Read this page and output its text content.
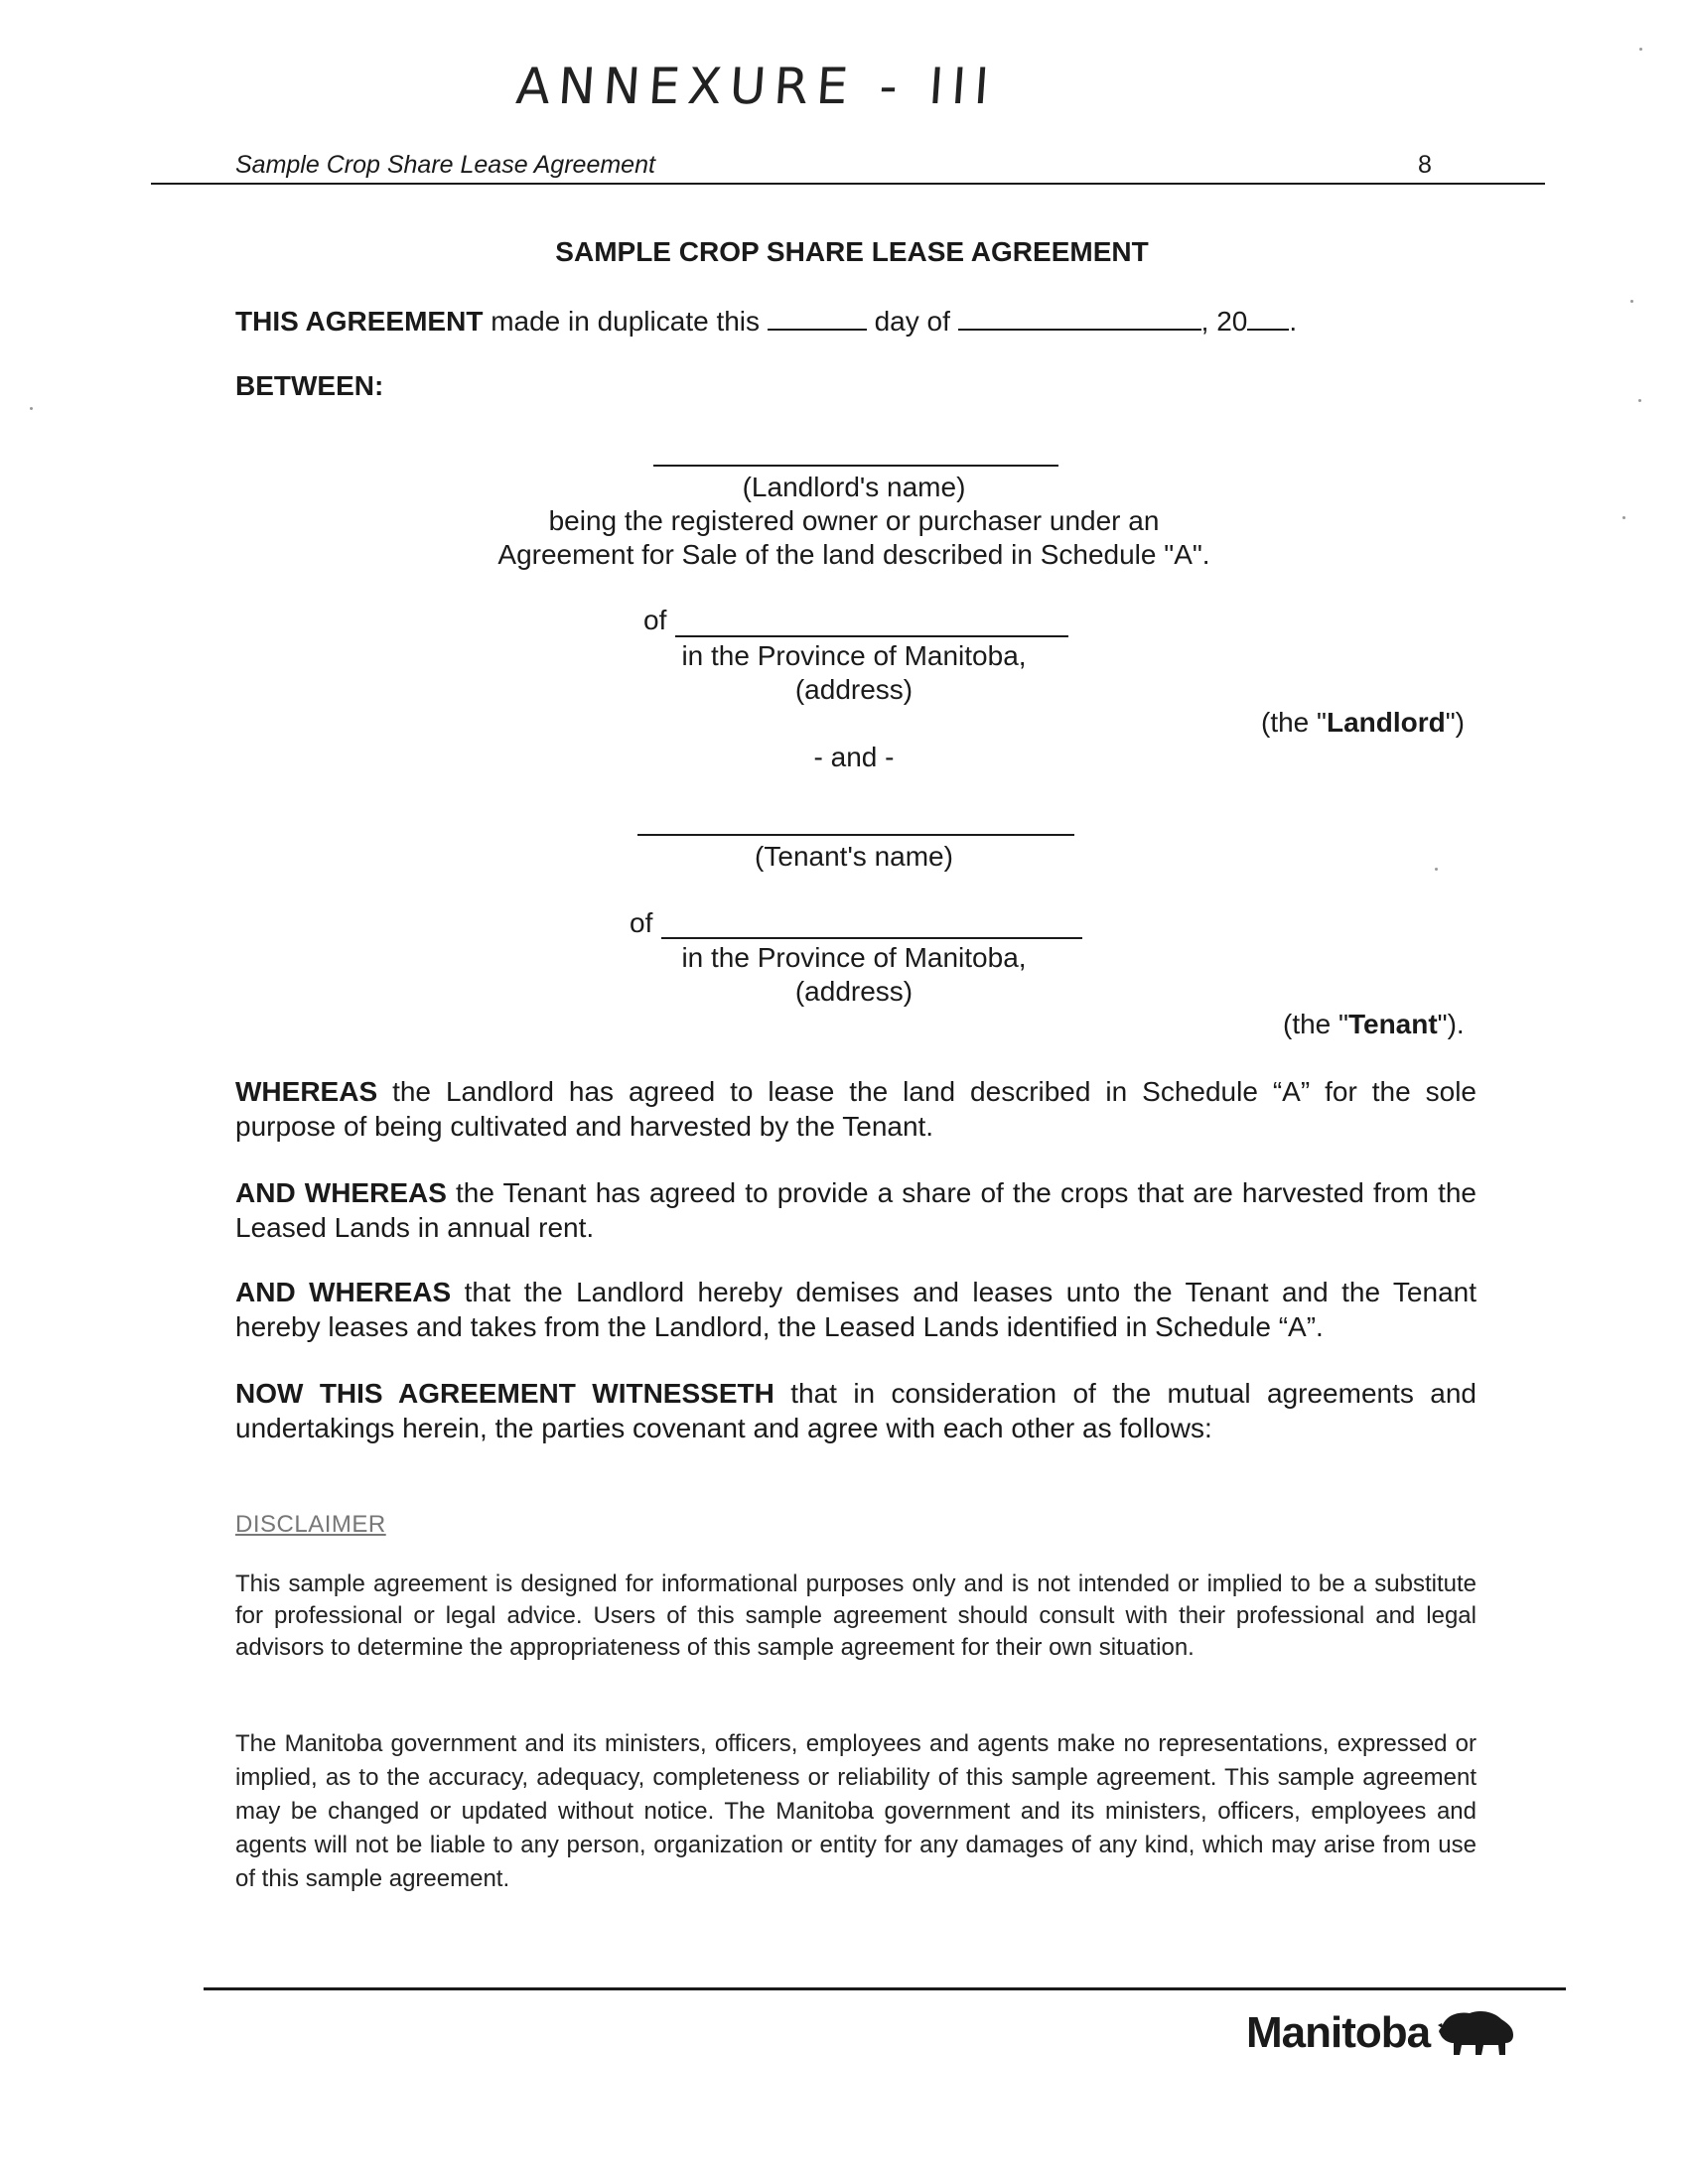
ANNEXURE - III
Sample Crop Share Lease Agreement	8
SAMPLE CROP SHARE LEASE AGREEMENT
THIS AGREEMENT made in duplicate this	day of	, 20 .
BETWEEN:
(Landlord's name)
being the registered owner or purchaser under an
Agreement for Sale of the land described in Schedule "A".
of
in the Province of Manitoba,
(address)
(the "Landlord")
- and -
(Tenant's name)
of
in the Province of Manitoba,
(address)
(the "Tenant").
WHEREAS the Landlord has agreed to lease the land described in Schedule “A” for the sole purpose of being cultivated and harvested by the Tenant.
AND WHEREAS the Tenant has agreed to provide a share of the crops that are harvested from the Leased Lands in annual rent.
AND WHEREAS that the Landlord hereby demises and leases unto the Tenant and the Tenant hereby leases and takes from the Landlord, the Leased Lands identified in Schedule “A”.
NOW THIS AGREEMENT WITNESSETH that in consideration of the mutual agreements and undertakings herein, the parties covenant and agree with each other as follows:
DISCLAIMER
This sample agreement is designed for informational purposes only and is not intended or implied to be a substitute for professional or legal advice. Users of this sample agreement should consult with their professional and legal advisors to determine the appropriateness of this sample agreement for their own situation.
The Manitoba government and its ministers, officers, employees and agents make no representations, expressed or implied, as to the accuracy, adequacy, completeness or reliability of this sample agreement. This sample agreement may be changed or updated without notice. The Manitoba government and its ministers, officers, employees and agents will not be liable to any person, organization or entity for any damages of any kind, which may arise from use of this sample agreement.
Manitoba
